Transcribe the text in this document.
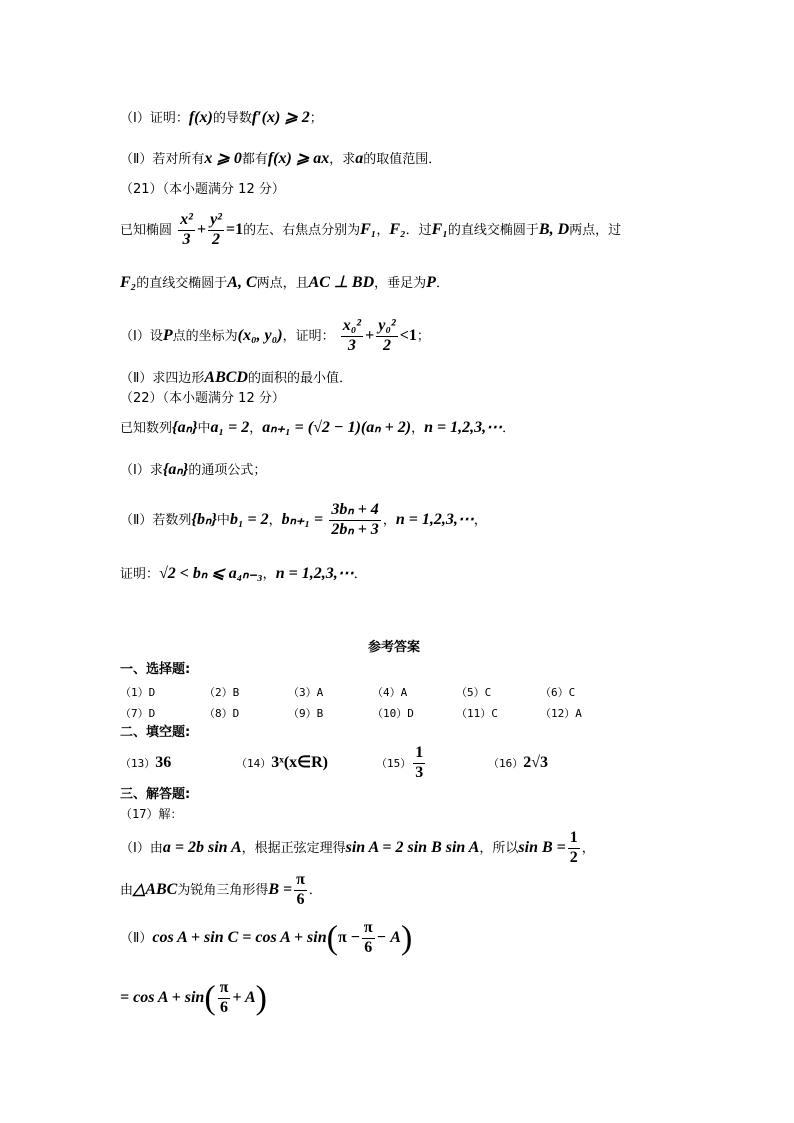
（Ⅰ）证明：f(x)的导数f′(x) ⩾ 2；
（Ⅱ）若对所有x ⩾ 0都有f(x) ⩾ ax，求a的取值范围．
（21）（本小题满分 12 分）
已知椭圆 $\frac{\text{x²}}{3} + \frac{\text{y²}}{2} =1$的左、右焦点分别为F₁，F₂．过F₁的直线交椭圆于B, D两点，过
F₂的直线交椭圆于A, C两点，且AC ⊥ BD，垂足为P．
（Ⅰ）设P点的坐标为(x₀, y₀)，证明： $\frac{\text{x₀²}}{3} + \frac{\text{y₀²}}{2} <1$；
（Ⅱ）求四边形ABCD的面积的最小值．
（22）（本小题满分 12 分）
已知数列{aₙ}中a₁ = 2，aₙ₊₁ = (√2 − 1)(aₙ + 2)，n = 1,2,3,⋯．
（Ⅰ）求{aₙ}的通项公式；
（Ⅱ）若数列{bₙ}中b₁ = 2，$b_{n+1} = \frac{\text{3bₙ + 4}}{\text{2bₙ + 3}}$ ，n = 1,2,3,⋯，
证明：√2 < bₙ ⩽ a₄ₙ₋₃，n = 1,2,3,⋯．
参考答案
一、选择题:
（1）D	（2）B	（3）A	（4）A	（5）C	（6）C
（7）D	（8）D	（9）B	（10）D	（11）C	（12）A
二、填空题:
（13）36	（14）3ˣ(x∈R)	$(15) \frac{1}{3}$	（16）2√3
三、解答题:
（17）解：
（Ⅰ）由a = 2b sin A，根据正弦定理得sin A = 2 sin B sin A，所以$\sin B = \frac{1}{2}$ ，
由△ABC为锐角三角形得$B = \frac{\pi}{6}$ ．
（Ⅱ）cos $A + \sin C = \cos A + \sin(\pi - \frac{\pi}{6} - A)$
= $\cos A + \sin( \frac{\pi}{6} + A)$
